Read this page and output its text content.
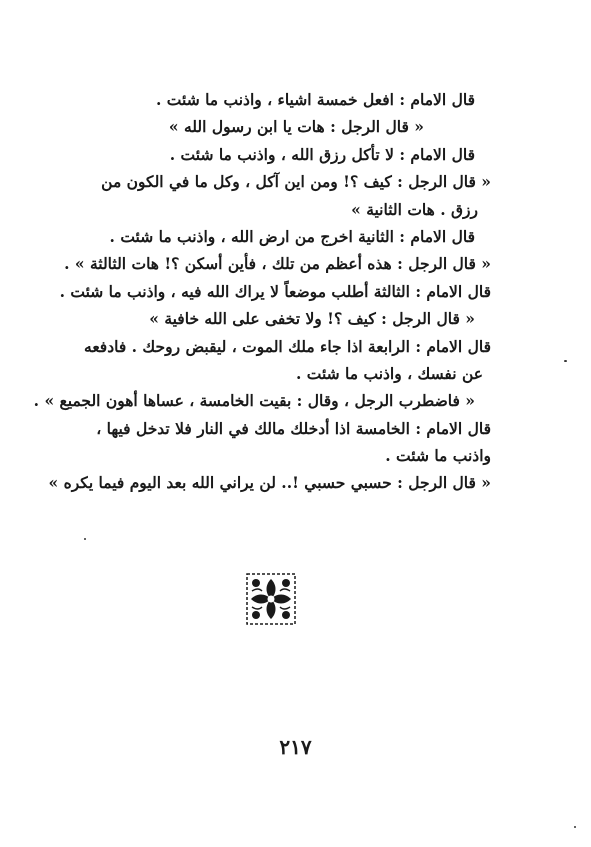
قال الامام : افعل خمسة اشياء ، واذنب ما شئت .
« قال الرجل : هات يا ابن رسول الله »
قال الامام : لا تأكل رزق الله ، واذنب ما شئت .
« قال الرجل : كيف ؟! ومن اين آكل ، وكل ما في الكون من
رزق . هات الثانية »
قال الامام : الثانية اخرج من ارض الله ، واذنب ما شئت .
« قال الرجل : هذه أعظم من تلك ، فأين أسكن ؟! هات الثالثة » .
قال الامام : الثالثة أطلب موضعاً لا يراك الله فيه ، واذنب ما شئت .
« قال الرجل : كيف ؟! ولا تخفى على الله خافية »
قال الامام : الرابعة اذا جاء ملك الموت ، ليقبض روحك . فادفعه
عن نفسك ، واذنب ما شئت .
« فاضطرب الرجل ، وقال : بقيت الخامسة ، عساها أهون الجميع » .
قال الامام : الخامسة اذا أدخلك مالك في النار فلا تدخل فيها ،
واذنب ما شئت .
« قال الرجل : حسبي حسبي !.. لن يراني الله بعد اليوم فيما يكره »
٢١٧
